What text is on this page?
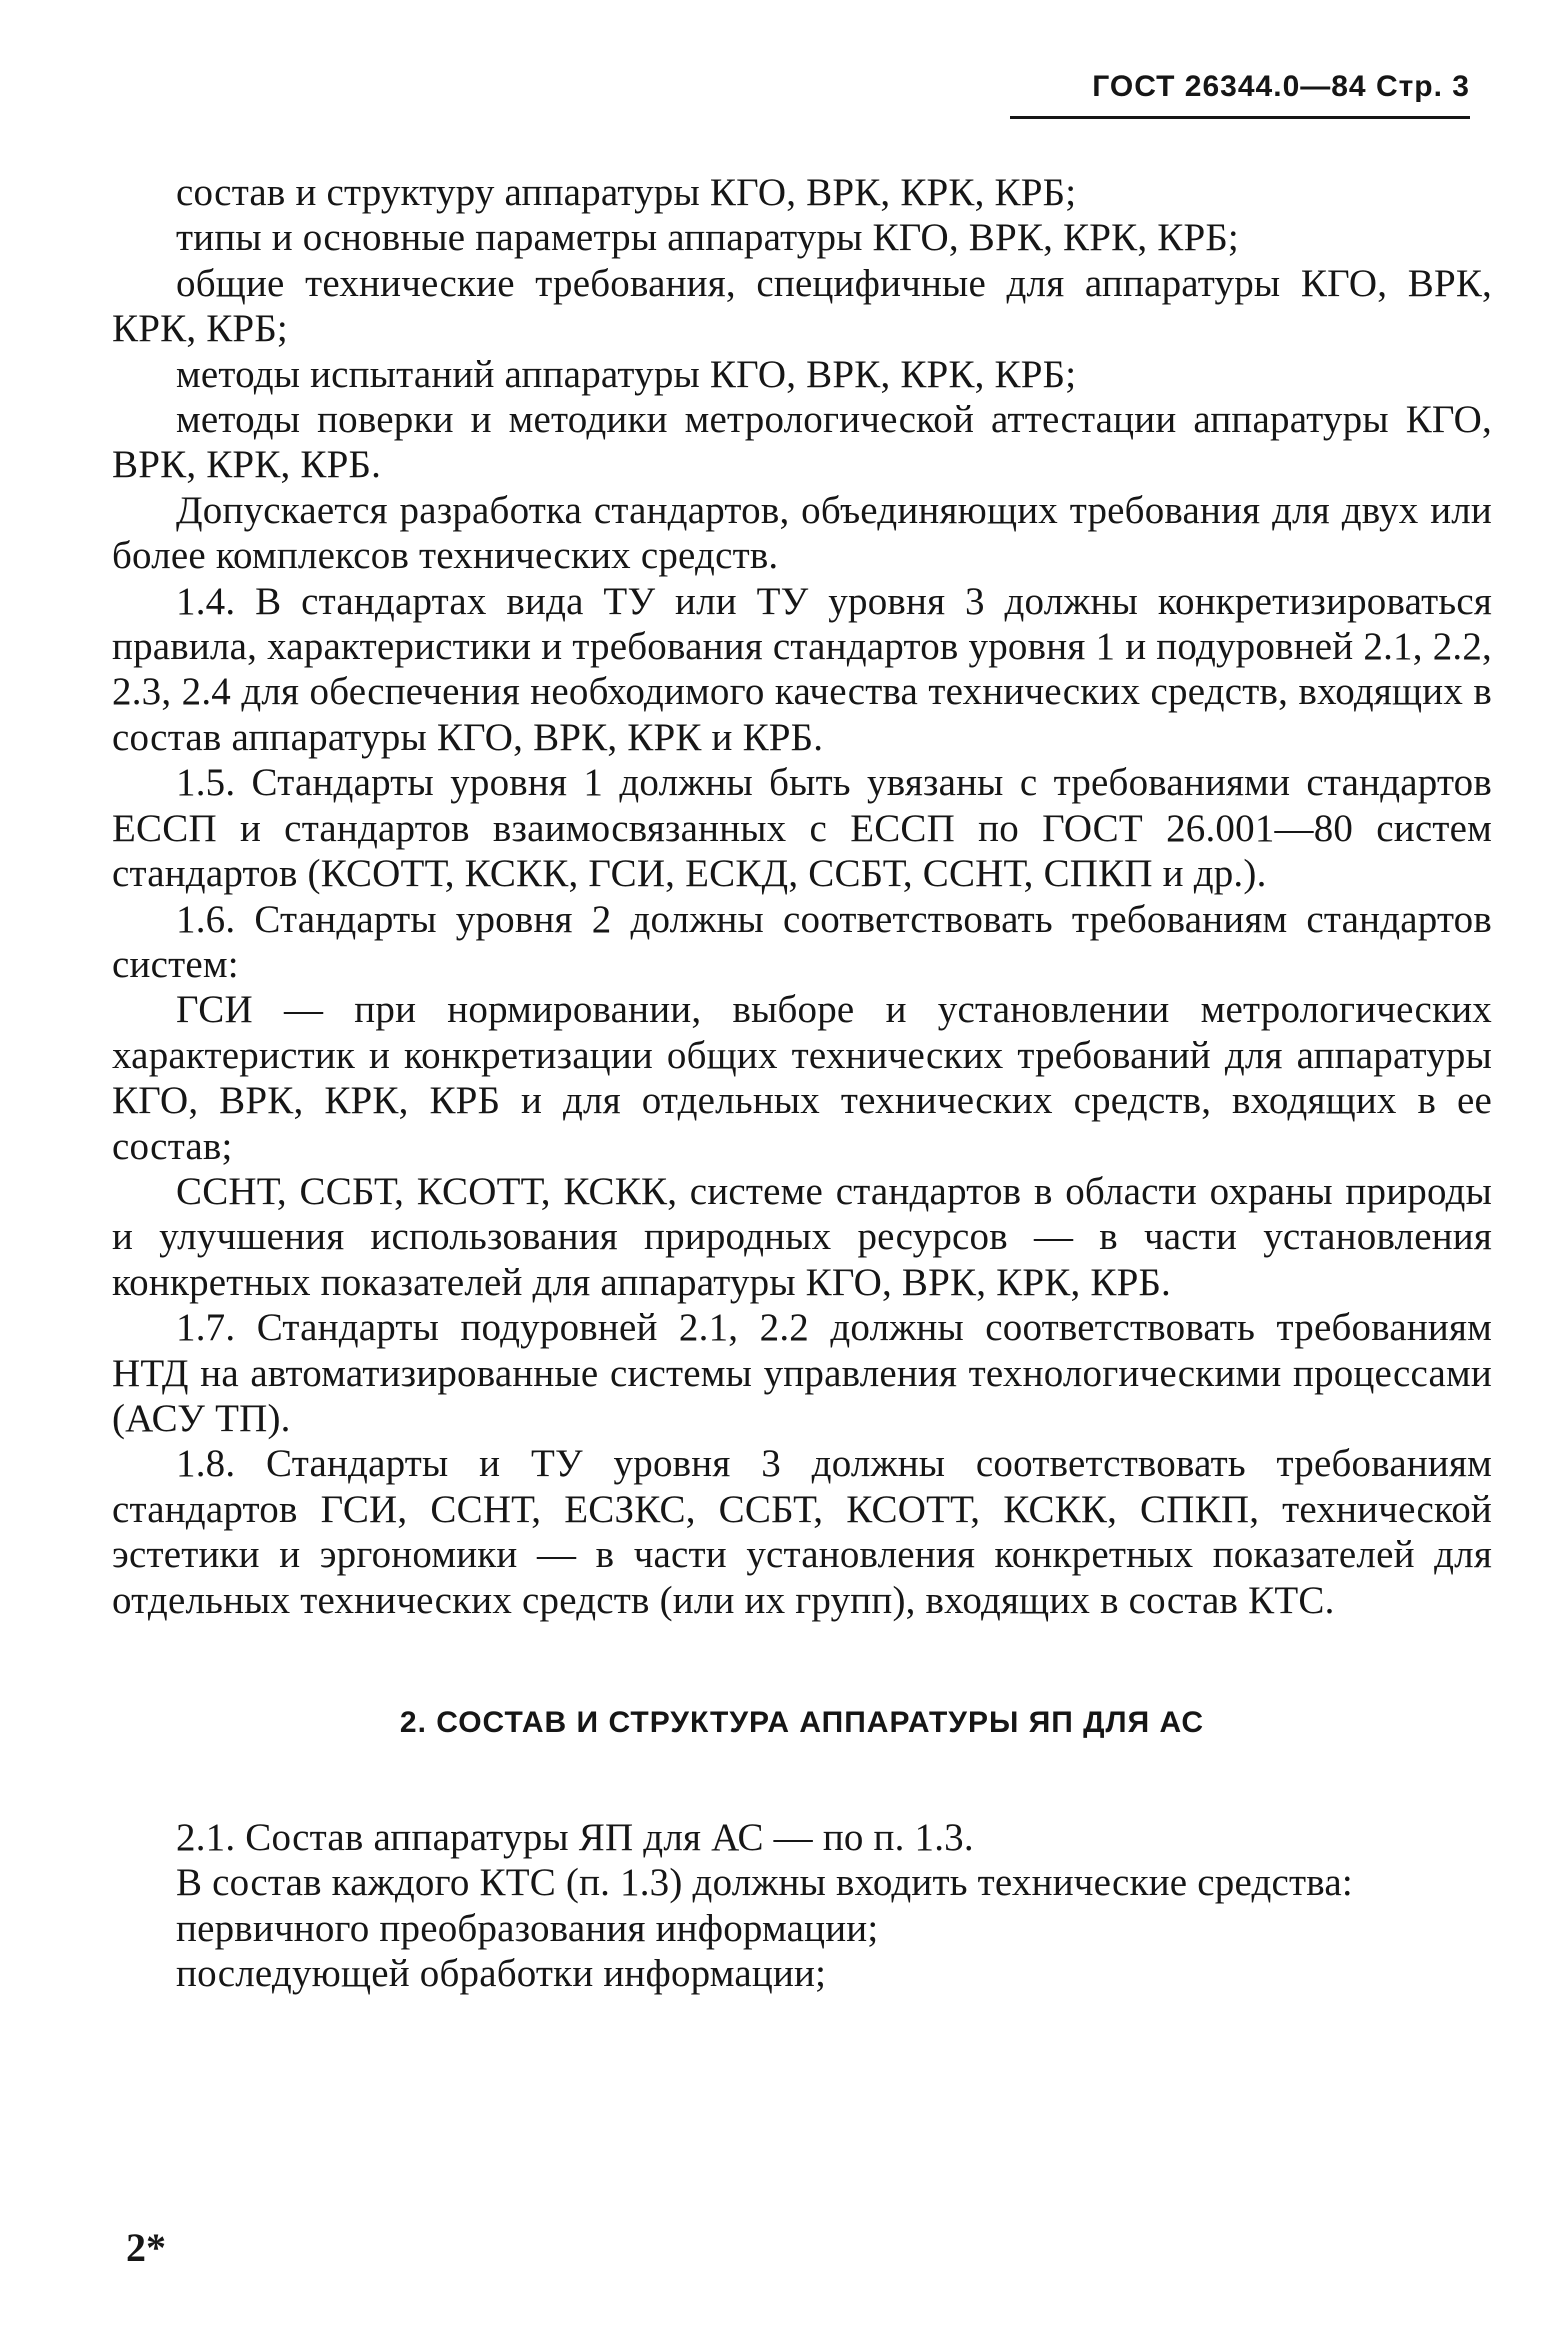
ГОСТ 26344.0—84 Стр. 3

состав и структуру аппаратуры КГО, ВРК, КРК, КРБ;

типы и основные параметры аппаратуры КГО, ВРК, КРК, КРБ;

общие технические требования, специфичные для аппаратуры КГО, ВРК, КРК, КРБ;

методы испытаний аппаратуры КГО, ВРК, КРК, КРБ;

методы поверки и методики метрологической аттестации аппаратуры КГО, ВРК, КРК, КРБ.

Допускается разработка стандартов, объединяющих требования для двух или более комплексов технических средств.

1.4. В стандартах вида ТУ или ТУ уровня 3 должны конкретизироваться правила, характеристики и требования стандартов уровня 1 и подуровней 2.1, 2.2, 2.3, 2.4 для обеспечения необходимого качества технических средств, входящих в состав аппаратуры КГО, ВРК, КРК и КРБ.

1.5. Стандарты уровня 1 должны быть увязаны с требованиями стандартов ЕССП и стандартов взаимосвязанных с ЕССП по ГОСТ 26.001—80 систем стандартов (КСОТТ, КСКК, ГСИ, ЕСКД, ССБТ, ССНТ, СПКП и др.).

1.6. Стандарты уровня 2 должны соответствовать требованиям стандартов систем:

ГСИ — при нормировании, выборе и установлении метрологических характеристик и конкретизации общих технических требований для аппаратуры КГО, ВРК, КРК, КРБ и для отдельных технических средств, входящих в ее состав;

ССНТ, ССБТ, КСОТТ, КСКК, системе стандартов в области охраны природы и улучшения использования природных ресурсов — в части установления конкретных показателей для аппаратуры КГО, ВРК, КРК, КРБ.

1.7. Стандарты подуровней 2.1, 2.2 должны соответствовать требованиям НТД на автоматизированные системы управления технологическими процессами (АСУ ТП).

1.8. Стандарты и ТУ уровня 3 должны соответствовать требованиям стандартов ГСИ, ССНТ, ЕСЗКС, ССБТ, КСОТТ, КСКК, СПКП, технической эстетики и эргономики — в части установления конкретных показателей для отдельных технических средств (или их групп), входящих в состав КТС.

2. СОСТАВ И СТРУКТУРА АППАРАТУРЫ ЯП ДЛЯ АС

2.1. Состав аппаратуры ЯП для АС — по п. 1.3.

В состав каждого КТС (п. 1.3) должны входить технические средства:

первичного преобразования информации;

последующей обработки информации;

2*
